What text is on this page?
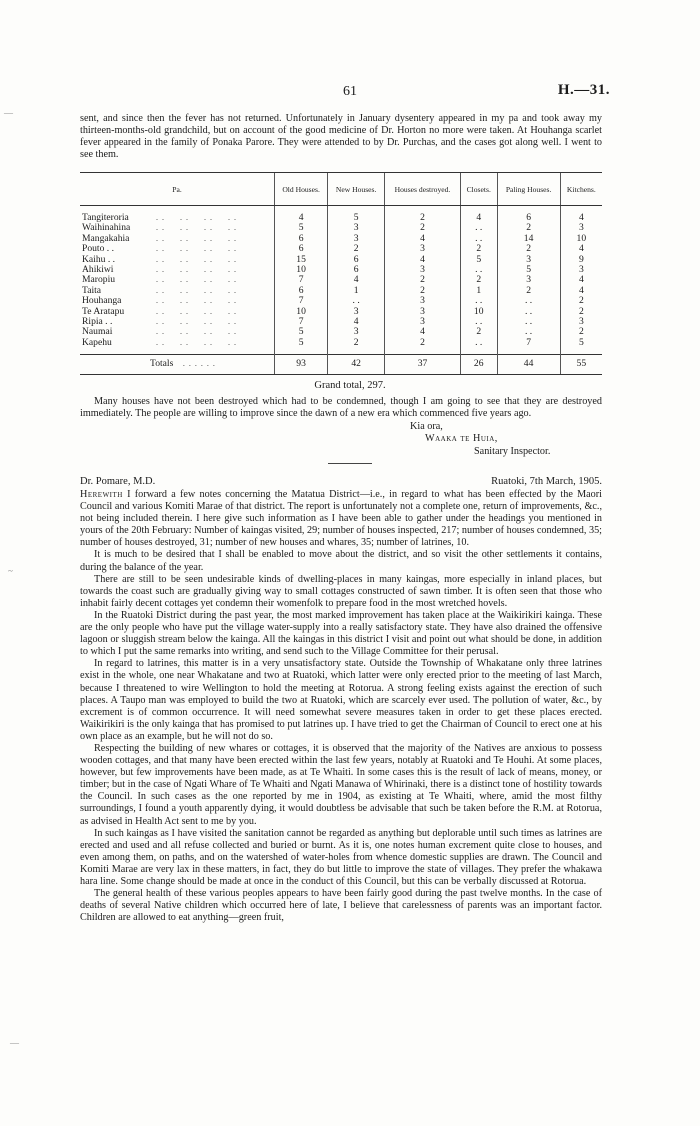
61	H.—31.

sent, and since then the fever has not returned. Unfortunately in January dysentery appeared in my pa and took away my thirteen-months-old grandchild, but on account of the good medicine of Dr. Horton no more were taken. At Houhanga scarlet fever appeared in the family of Ponaka Parore. They were attended to by Dr. Purchas, and the cases got along well. I went to see them.

Pa.	Old Houses.	New Houses.	Houses destroyed.	Closets.	Paling Houses.	Kitchens.
Tangiteroria . .     . .     . .     . .	4	5	2	4	6	4
Waihinahina . .     . .     . .     . .	5	3	2	. .	2	3
Mangakahia . .     . .     . .     . .	6	3	4	. .	14	10
Pouto . . . .     . .     . .     . .	6	2	3	2	2	4
Kaihu . . . .     . .     . .     . .	15	6	4	5	3	9
Ahikiwi . .     . .     . .     . .	10	6	3	. .	5	3
Maropiu . .     . .     . .     . .	7	4	2	2	3	4
Taita . .     . .     . .     . .	6	1	2	1	2	4
Houhanga . .     . .     . .     . .	7	. .	3	. .	. .	2
Te Aratapu . .     . .     . .     . .	10	3	3	10	. .	2
Ripia . . . .     . .     . .     . .	7	4	3	. .	. .	3
Naumai . .     . .     . .     . .	5	3	4	2	. .	2
Kapehu . .     . .     . .     . .	5	2	2	. .	7	5

Totals . . . . . .	93	42	37	26	44	55
Grand total, 297.

Many houses have not been destroyed which had to be condemned, though I am going to see that they are destroyed immediately. The people are willing to improve since the dawn of a new era which commenced five years ago.

Kia ora,
Waaka te Huia,
Sanitary Inspector.
Dr. Pomare, M.D.	Ruatoki, 7th March, 1905.

Herewith I forward a few notes concerning the Matatua District—i.e., in regard to what has been effected by the Maori Council and various Komiti Marae of that district. The report is unfortunately not a complete one, return of improvements, &c., not being included therein. I here give such information as I have been able to gather under the headings you mentioned in yours of the 20th February: Number of kaingas visited, 29; number of houses inspected, 217; number of houses condemned, 35; number of houses destroyed, 31; number of new houses and whares, 35; number of latrines, 10.

It is much to be desired that I shall be enabled to move about the district, and so visit the other settlements it contains, during the balance of the year.

There are still to be seen undesirable kinds of dwelling-places in many kaingas, more especially in inland places, but towards the coast such are gradually giving way to small cottages constructed of sawn timber. It is often seen that those who inhabit fairly decent cottages yet condemn their womenfolk to prepare food in the most wretched hovels.

In the Ruatoki District during the past year, the most marked improvement has taken place at the Waikirikiri kainga. These are the only people who have put the village water-supply into a really satisfactory state. They have also drained the offensive lagoon or sluggish stream below the kainga. All the kaingas in this district I visit and point out what should be done, in addition to which I put the same remarks into writing, and send such to the Village Committee for their perusal.

In regard to latrines, this matter is in a very unsatisfactory state. Outside the Township of Whakatane only three latrines exist in the whole, one near Whakatane and two at Ruatoki, which latter were only erected prior to the meeting of last March, because I threatened to wire Wellington to hold the meeting at Rotorua. A strong feeling exists against the erection of such places. A Taupo man was employed to build the two at Ruatoki, which are scarcely ever used. The pollution of water, &c., by excrement is of common occurrence. It will need somewhat severe measures taken in order to get these places erected. Waikirikiri is the only kainga that has promised to put latrines up. I have tried to get the Chairman of Council to erect one at his own place as an example, but he will not do so.

Respecting the building of new whares or cottages, it is observed that the majority of the Natives are anxious to possess wooden cottages, and that many have been erected within the last few years, notably at Ruatoki and Te Houhi. At some places, however, but few improvements have been made, as at Te Whaiti. In some cases this is the result of lack of means, money, or timber; but in the case of Ngati Whare of Te Whaiti and Ngati Manawa of Whirinaki, there is a distinct tone of hostility towards the Council. In such cases as the one reported by me in 1904, as existing at Te Whaiti, where, amid the most filthy surroundings, I found a youth apparently dying, it would doubtless be advisable that such be taken before the R.M. at Rotorua, as advised in Health Act sent to me by you.

In such kaingas as I have visited the sanitation cannot be regarded as anything but deplorable until such times as latrines are erected and used and all refuse collected and buried or burnt. As it is, one notes human excrement quite close to houses, and even among them, on paths, and on the watershed of water-holes from whence domestic supplies are drawn. The Council and Komiti Marae are very lax in these matters, in fact, they do but little to improve the state of villages. They prefer the whakawa hara line. Some change should be made at once in the conduct of this Council, but this can be verbally discussed at Rotorua.

The general health of these various peoples appears to have been fairly good during the past twelve months. In the case of deaths of several Native children which occurred here of late, I believe that carelessness of parents was an important factor. Children are allowed to eat anything—green fruit,

—
~
—
